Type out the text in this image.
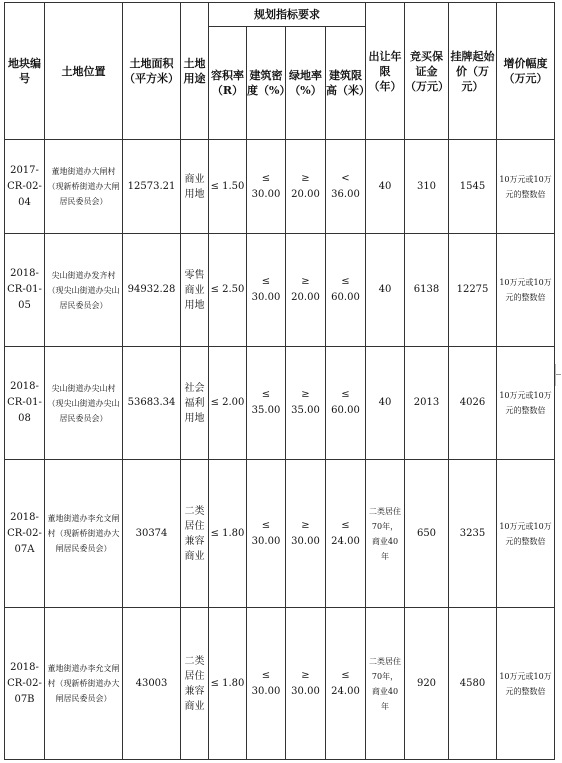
地块编号	土地位置	土地面积（平方米）	土地用途	规划指标要求				出让年限（年）	竞买保证金（万元）	挂牌起始价（万元）	增价幅度（万元）
				容积率（R）	建筑密度（%）	绿地率（%）	建筑限高（米）				
2017-CR-02-04	董地街道办大闸村（现新桥街道办大闸居民委员会）	12573.21	商业用地	≤ 1.50	≤ 30.00	≥ 20.00	< 36.00	40	310	1545	10万元或10万元的整数倍
2018-CR-01-05	尖山街道办发齐村（现尖山街道办尖山居民委员会）	94932.28	零售商业用地	≤ 2.50	≤ 30.00	≥ 20.00	≤ 60.00	40	6138	12275	10万元或10万元的整数倍
2018-CR-01-08	尖山街道办尖山村（现尖山街道办尖山居民委员会）	53683.34	社会福利用地	≤ 2.00	≤ 35.00	≥ 35.00	≤ 60.00	40	2013	4026	10万元或10万元的整数倍
2018-CR-02-07A	董地街道办李允文闸村（现新桥街道办大闸居民委员会）	30374	二类居住兼容商业	≤ 1.80	≤ 30.00	≥ 30.00	≤ 24.00	二类居住70年，商业40年	650	3235	10万元或10万元的整数倍
2018-CR-02-07B	董地街道办李允文闸村（现新桥街道办大闸居民委员会）	43003	二类居住兼容商业	≤ 1.80	≤ 30.00	≥ 30.00	≤ 24.00	二类居住70年，商业40年	920	4580	10万元或10万元的整数倍
